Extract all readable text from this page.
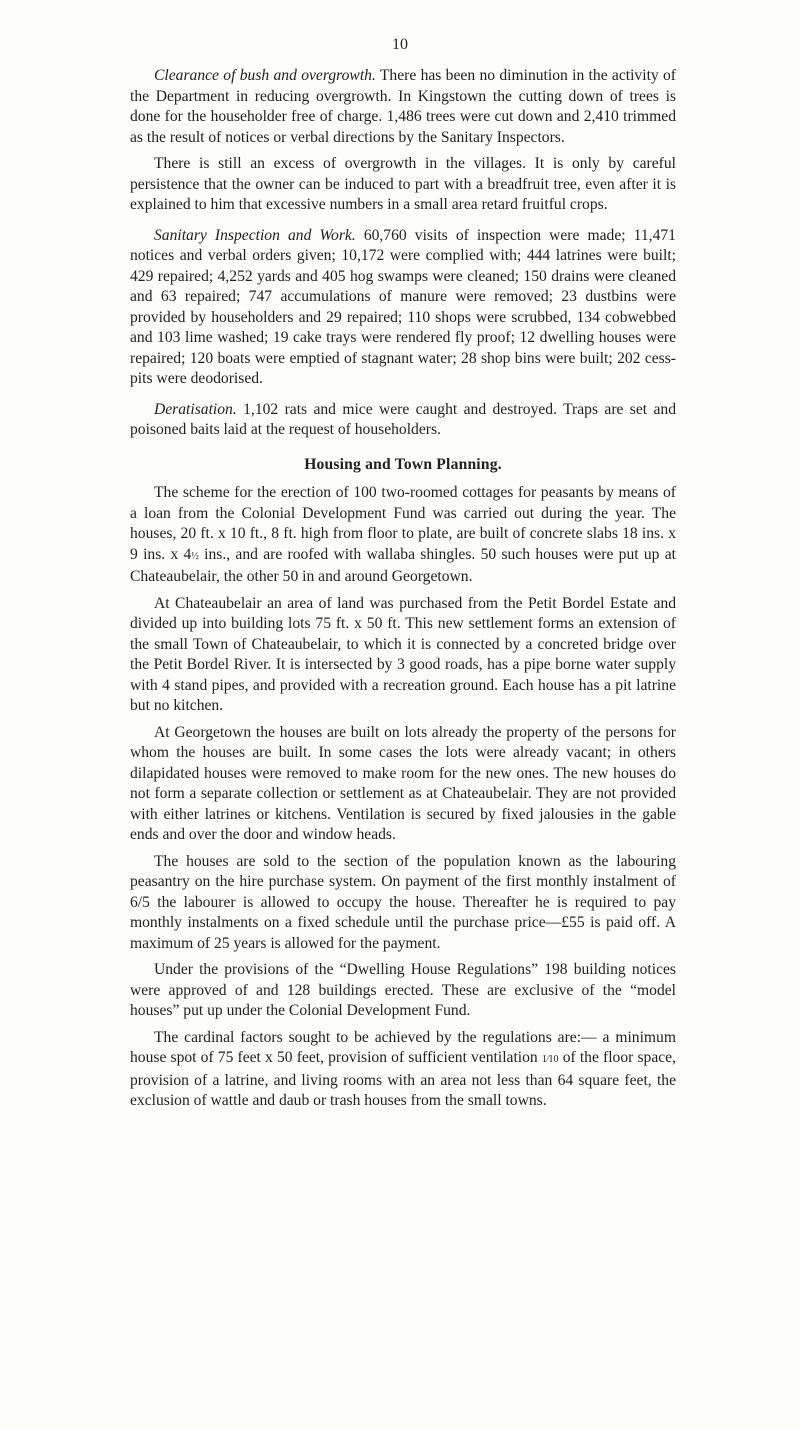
10

Clearance of bush and overgrowth. There has been no diminution in the activity of the Department in reducing overgrowth. In Kingstown the cutting down of trees is done for the householder free of charge. 1,486 trees were cut down and 2,410 trimmed as the result of notices or verbal directions by the Sanitary Inspectors.

There is still an excess of overgrowth in the villages. It is only by careful persistence that the owner can be induced to part with a breadfruit tree, even after it is explained to him that excessive numbers in a small area retard fruitful crops.

Sanitary Inspection and Work. 60,760 visits of inspection were made; 11,471 notices and verbal orders given; 10,172 were complied with; 444 latrines were built; 429 repaired; 4,252 yards and 405 hog swamps were cleaned; 150 drains were cleaned and 63 repaired; 747 accumulations of manure were removed; 23 dustbins were provided by householders and 29 repaired; 110 shops were scrubbed, 134 cobwebbed and 103 lime washed; 19 cake trays were rendered fly proof; 12 dwelling houses were repaired; 120 boats were emptied of stagnant water; 28 shop bins were built; 202 cess-pits were deodorised.

Deratisation. 1,102 rats and mice were caught and destroyed. Traps are set and poisoned baits laid at the request of householders.

Housing and Town Planning.

The scheme for the erection of 100 two-roomed cottages for peasants by means of a loan from the Colonial Development Fund was carried out during the year. The houses, 20 ft. x 10 ft., 8 ft. high from floor to plate, are built of concrete slabs 18 ins. x 9 ins. x 4½ ins., and are roofed with wallaba shingles. 50 such houses were put up at Chateaubelair, the other 50 in and around Georgetown.

At Chateaubelair an area of land was purchased from the Petit Bordel Estate and divided up into building lots 75 ft. x 50 ft. This new settlement forms an extension of the small Town of Chateaubelair, to which it is connected by a concreted bridge over the Petit Bordel River. It is intersected by 3 good roads, has a pipe borne water supply with 4 stand pipes, and provided with a recreation ground. Each house has a pit latrine but no kitchen.

At Georgetown the houses are built on lots already the property of the persons for whom the houses are built. In some cases the lots were already vacant; in others dilapidated houses were removed to make room for the new ones. The new houses do not form a separate collection or settlement as at Chateaubelair. They are not provided with either latrines or kitchens. Ventilation is secured by fixed jalousies in the gable ends and over the door and window heads.

The houses are sold to the section of the population known as the labouring peasantry on the hire purchase system. On payment of the first monthly instalment of 6/5 the labourer is allowed to occupy the house. Thereafter he is required to pay monthly instalments on a fixed schedule until the purchase price—£55 is paid off. A maximum of 25 years is allowed for the payment.

Under the provisions of the “Dwelling House Regulations” 198 building notices were approved of and 128 buildings erected. These are exclusive of the “model houses” put up under the Colonial Development Fund.

The cardinal factors sought to be achieved by the regulations are:— a minimum house spot of 75 feet x 50 feet, provision of sufficient ventilation 1⁄10 of the floor space, provision of a latrine, and living rooms with an area not less than 64 square feet, the exclusion of wattle and daub or trash houses from the small towns.
